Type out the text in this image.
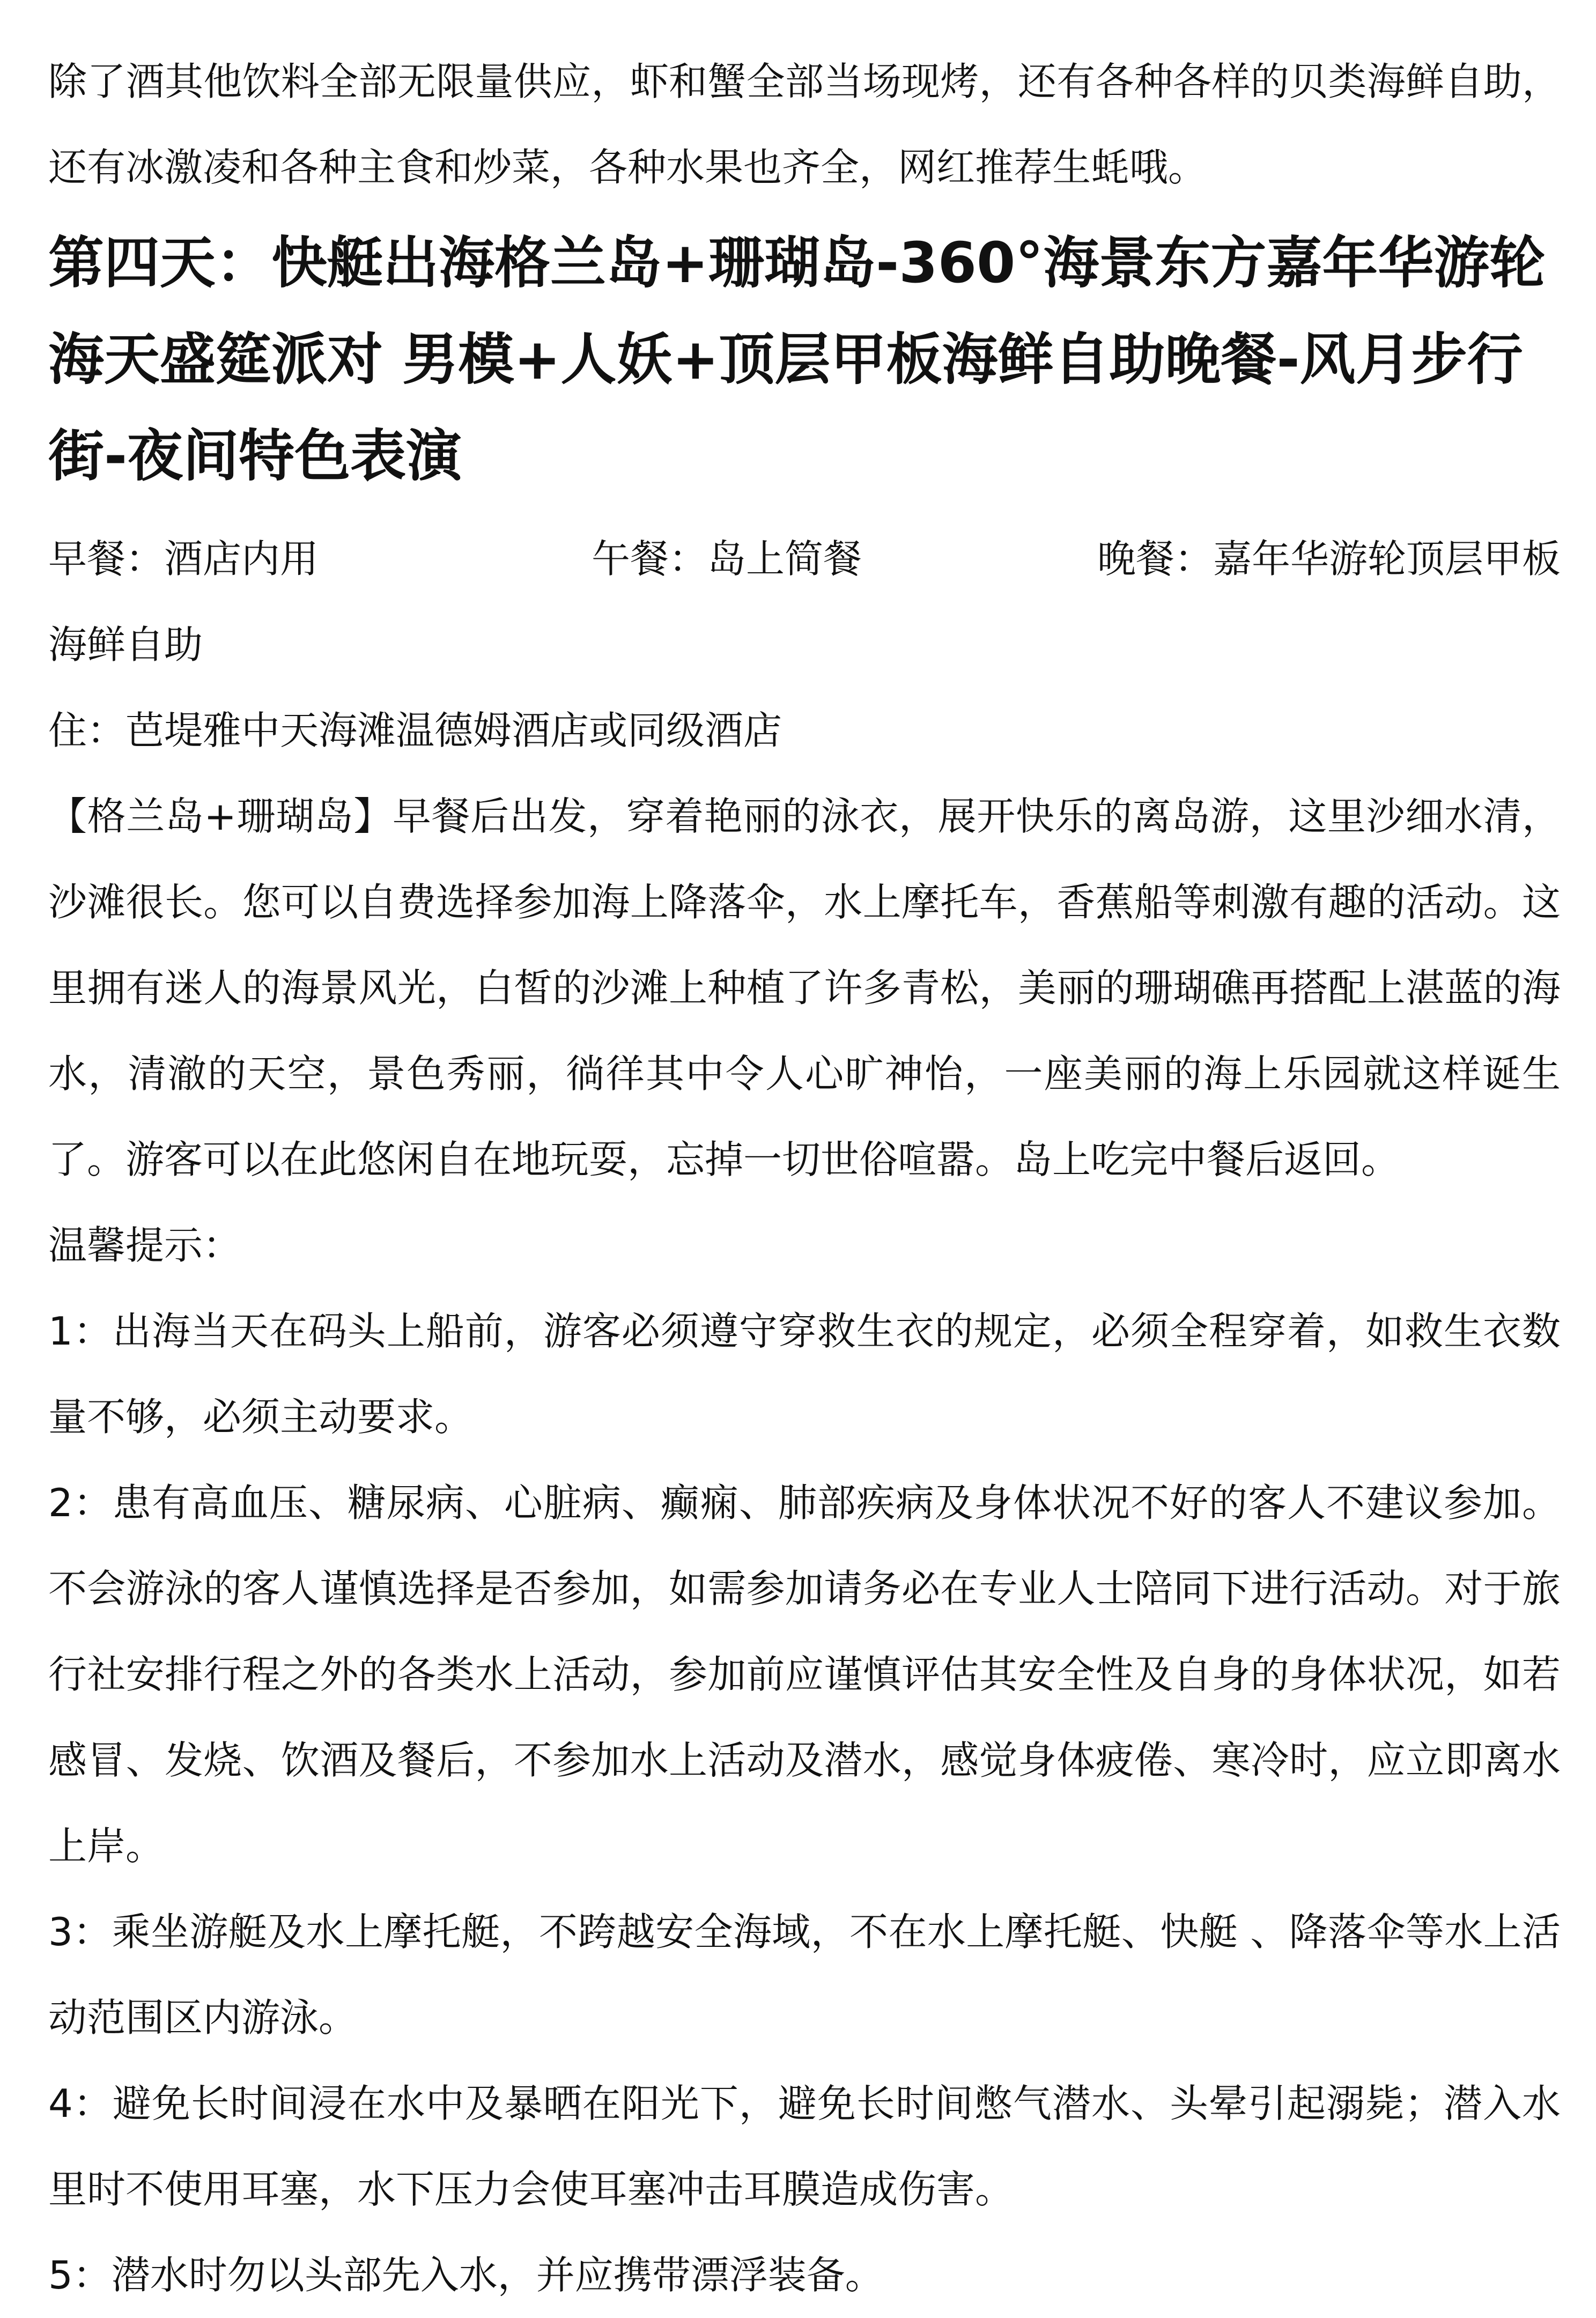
除了酒其他饮料全部无限量供应，虾和蟹全部当场现烤，还有各种各样的贝类海鲜自助，还有冰激凌和各种主食和炒菜，各种水果也齐全，网红推荐生蚝哦。

第四天：快艇出海格兰岛+珊瑚岛-360°海景东方嘉年华游轮海天盛筵派对 男模+人妖+顶层甲板海鲜自助晚餐-风月步行街-夜间特色表演
早餐：酒店内用	午餐：岛上简餐	晚餐：嘉年华游轮顶层甲板

海鲜自助

住：芭堤雅中天海滩温德姆酒店或同级酒店

【格兰岛+珊瑚岛】早餐后出发，穿着艳丽的泳衣，展开快乐的离岛游，这里沙细水清，沙滩很长。您可以自费选择参加海上降落伞，水上摩托车，香蕉船等刺激有趣的活动。这里拥有迷人的海景风光，白皙的沙滩上种植了许多青松，美丽的珊瑚礁再搭配上湛蓝的海水，清澈的天空，景色秀丽，徜徉其中令人心旷神怡，一座美丽的海上乐园就这样诞生了。游客可以在此悠闲自在地玩耍，忘掉一切世俗喧嚣。岛上吃完中餐后返回。

温馨提示：

1：出海当天在码头上船前，游客必须遵守穿救生衣的规定，必须全程穿着，如救生衣数量不够，必须主动要求。

2：患有高血压、糖尿病、心脏病、癫痫、肺部疾病及身体状况不好的客人不建议参加。不会游泳的客人谨慎选择是否参加，如需参加请务必在专业人士陪同下进行活动。对于旅行社安排行程之外的各类水上活动，参加前应谨慎评估其安全性及自身的身体状况，如若感冒、发烧、饮酒及餐后，不参加水上活动及潜水，感觉身体疲倦、寒冷时，应立即离水上岸。

3：乘坐游艇及水上摩托艇，不跨越安全海域，不在水上摩托艇、快艇 、降落伞等水上活动范围区内游泳。

4：避免长时间浸在水中及暴晒在阳光下，避免长时间憋气潜水、头晕引起溺毙；潜入水里时不使用耳塞，水下压力会使耳塞冲击耳膜造成伤害。

5：潜水时勿以头部先入水，并应携带漂浮装备。
